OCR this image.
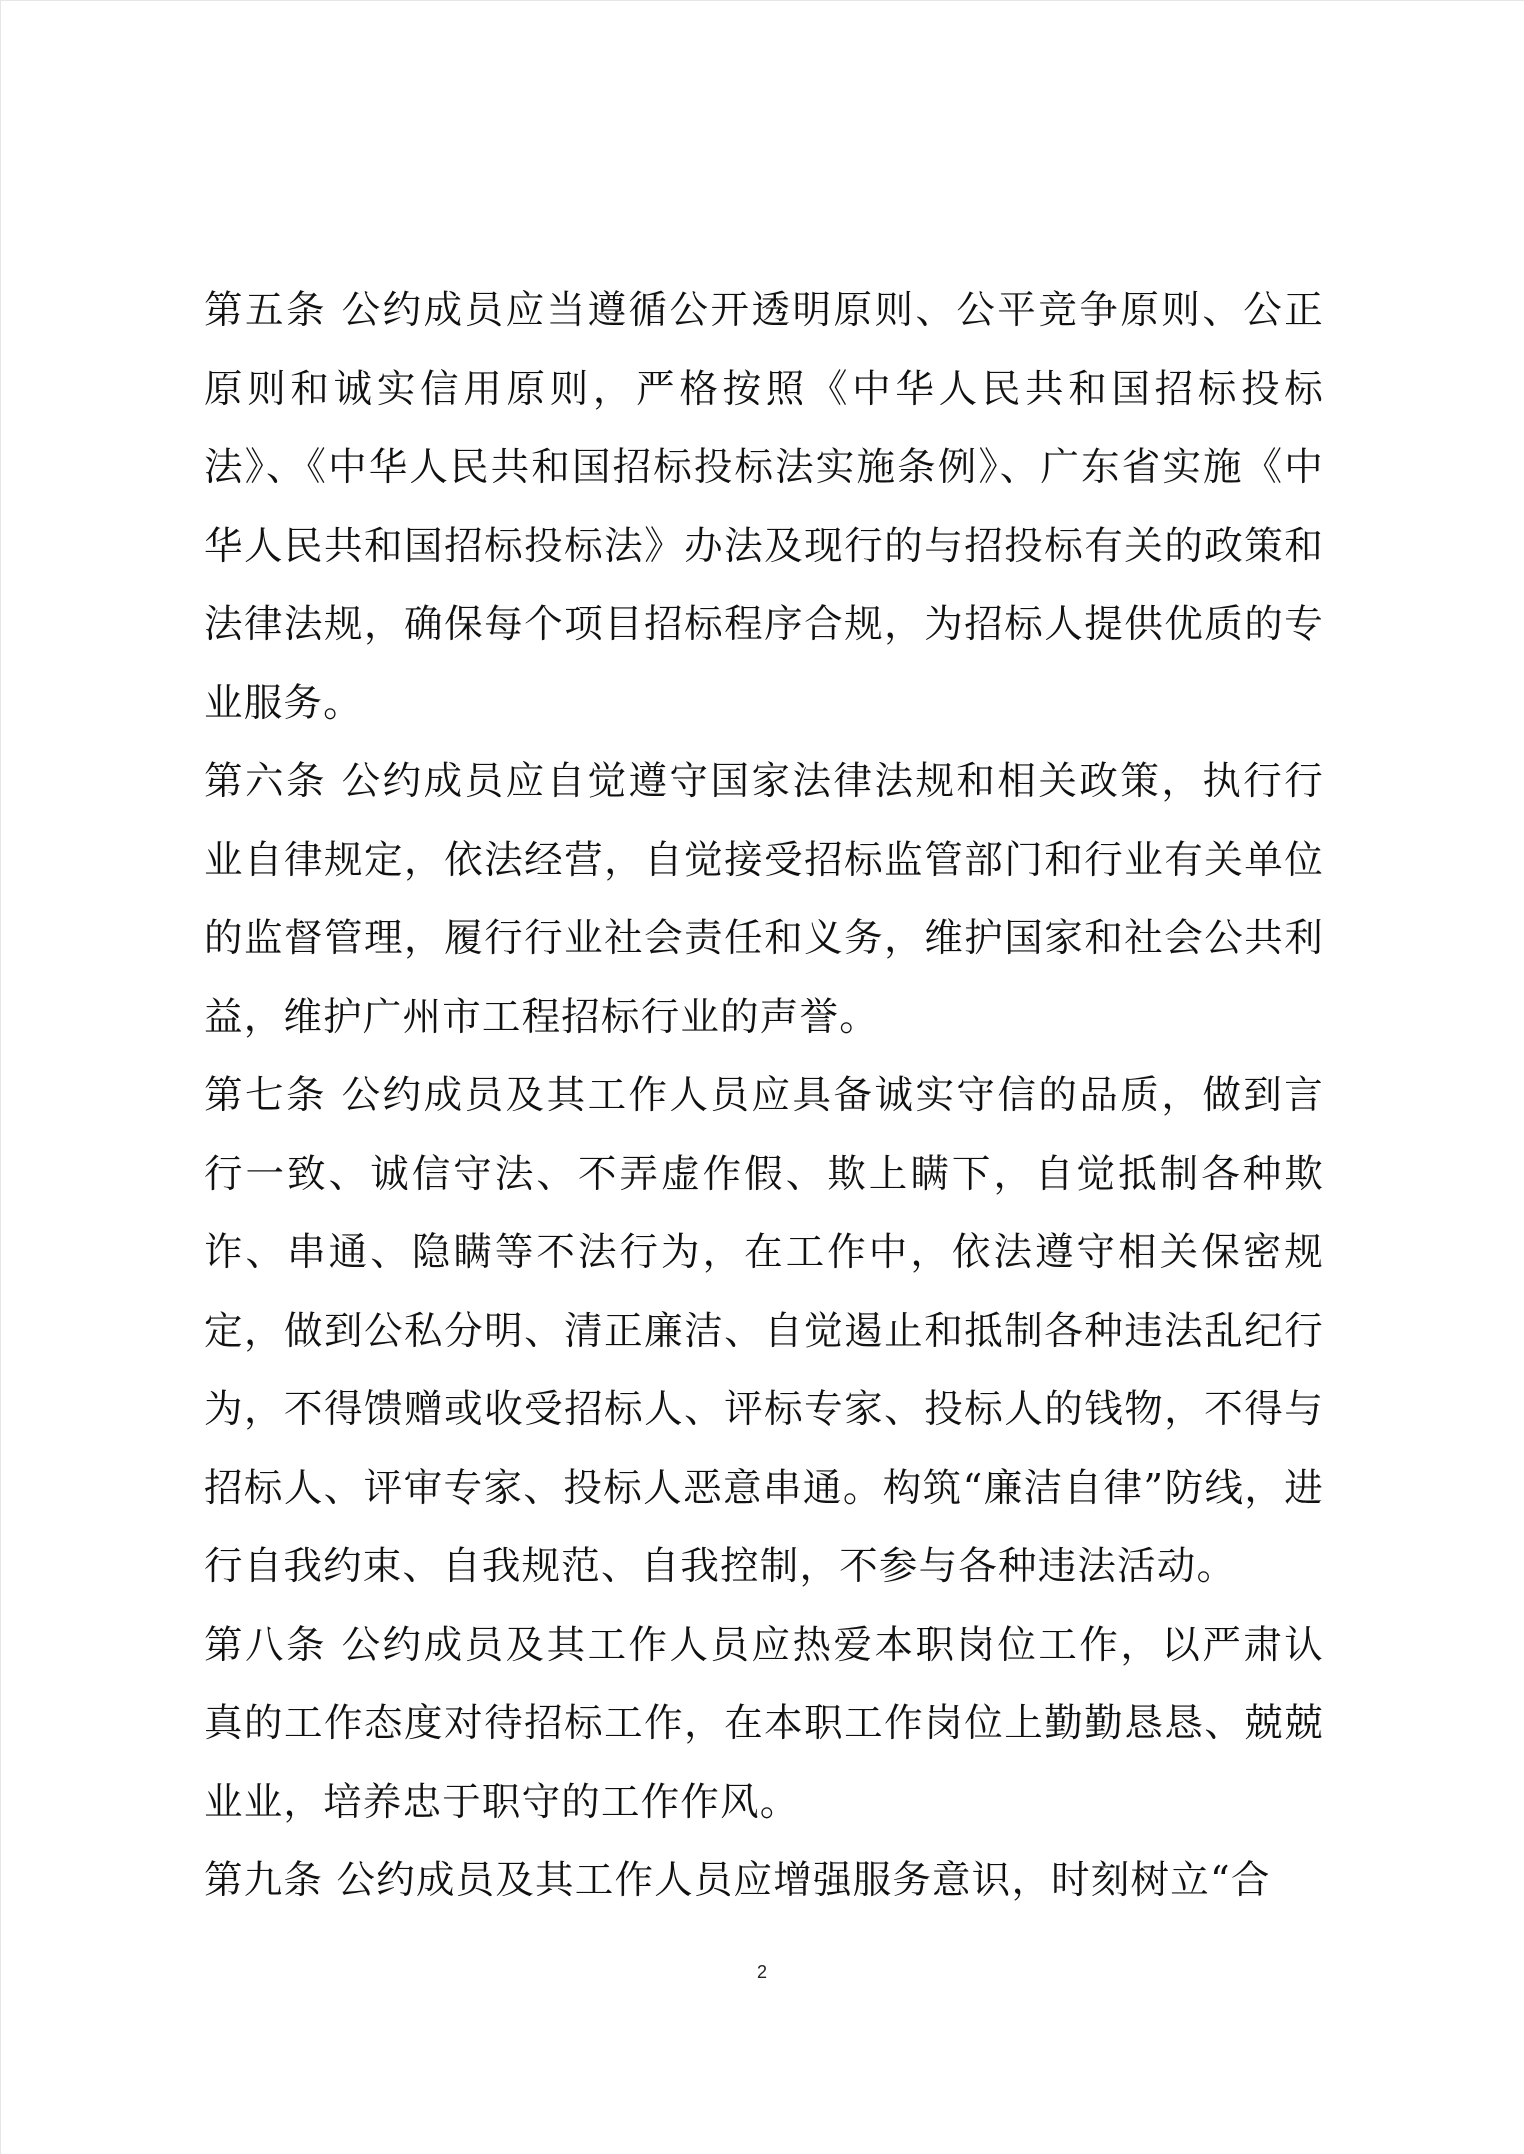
第五条 公约成员应当遵循公开透明原则、公平竞争原则、公正原则和诚实信用原则，严格按照《中华人民共和国招标投标法》、《中华人民共和国招标投标法实施条例》、广东省实施《中华人民共和国招标投标法》办法及现行的与招投标有关的政策和法律法规，确保每个项目招标程序合规，为招标人提供优质的专业服务。

第六条 公约成员应自觉遵守国家法律法规和相关政策，执行行业自律规定，依法经营，自觉接受招标监管部门和行业有关单位的监督管理，履行行业社会责任和义务，维护国家和社会公共利益，维护广州市工程招标行业的声誉。

第七条 公约成员及其工作人员应具备诚实守信的品质，做到言行一致、诚信守法、不弄虚作假、欺上瞒下，自觉抵制各种欺诈、串通、隐瞒等不法行为，在工作中，依法遵守相关保密规定，做到公私分明、清正廉洁、自觉遏止和抵制各种违法乱纪行为，不得馈赠或收受招标人、评标专家、投标人的钱物，不得与招标人、评审专家、投标人恶意串通。构筑“廉洁自律”防线，进行自我约束、自我规范、自我控制，不参与各种违法活动。

第八条 公约成员及其工作人员应热爱本职岗位工作，以严肃认真的工作态度对待招标工作，在本职工作岗位上勤勤恳恳、兢兢业业，培养忠于职守的工作作风。

第九条 公约成员及其工作人员应增强服务意识，时刻树立“合

2
